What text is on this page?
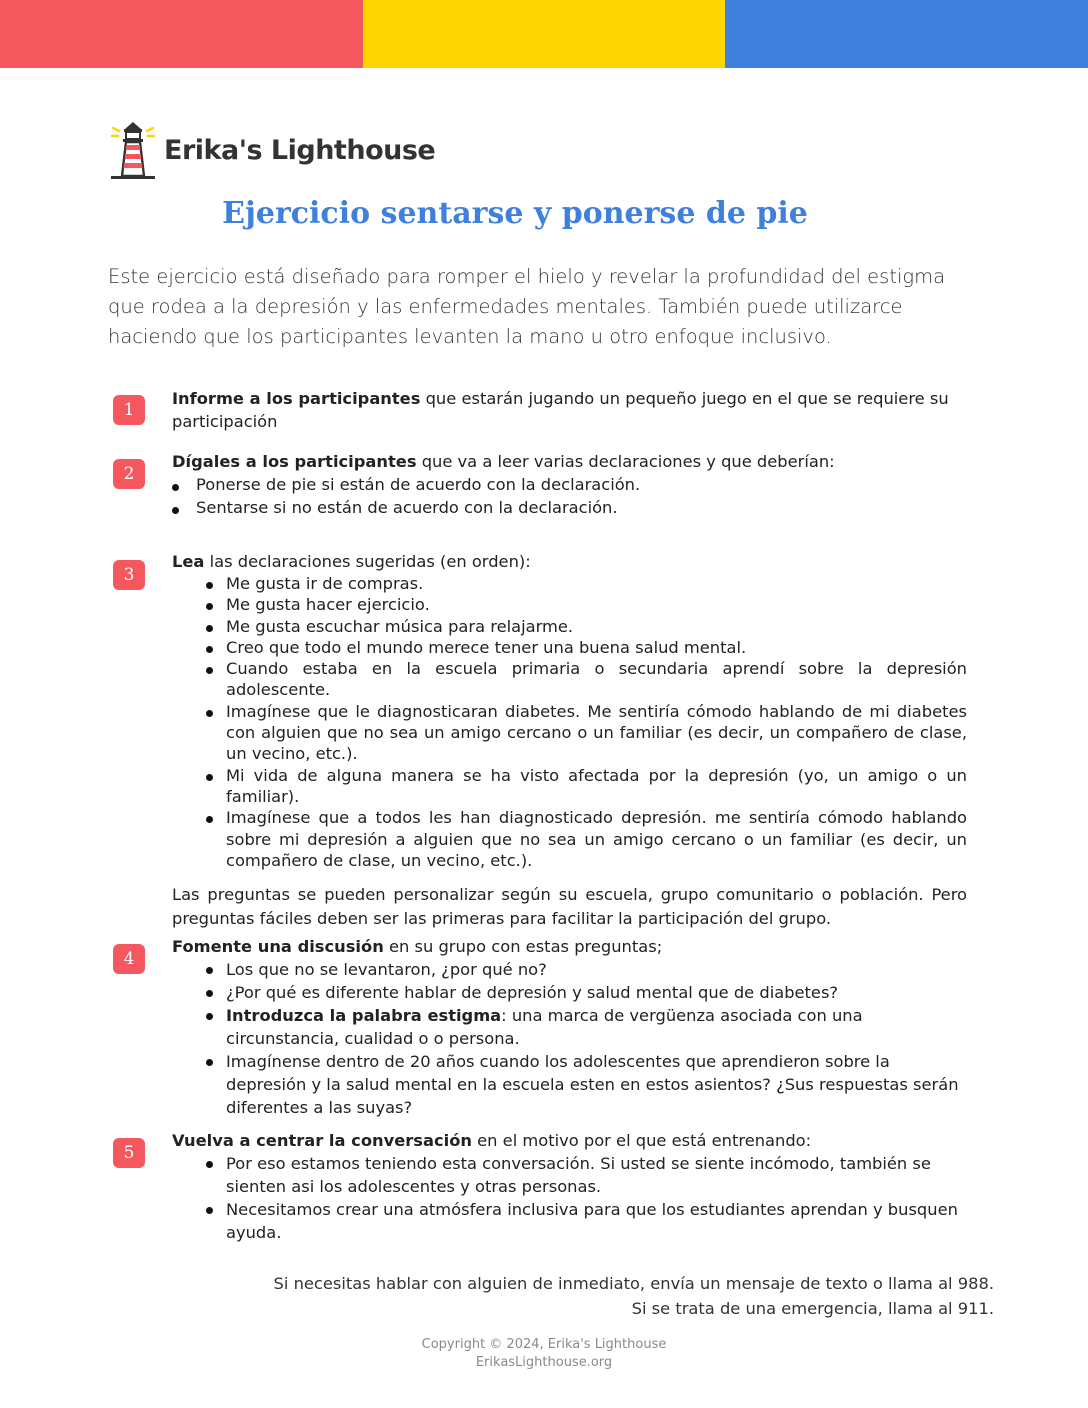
Erika's Lighthouse
Ejercicio sentarse y ponerse de pie
Este ejercicio está diseñado para romper el hielo y revelar la profundidad del estigma que rodea a la depresión y las enfermedades mentales. También puede utilizarce haciendo que los participantes levanten la mano u otro enfoque inclusivo.
1
Informe a los participantes que estarán jugando un pequeño juego en el que se requiere su participación
2
Dígales a los participantes que va a leer varias declaraciones y que deberían:
Ponerse de pie si están de acuerdo con la declaración.
Sentarse si no están de acuerdo con la declaración.
3
Lea las declaraciones sugeridas (en orden):
Me gusta ir de compras.
Me gusta hacer ejercicio.
Me gusta escuchar música para relajarme.
Creo que todo el mundo merece tener una buena salud mental.
Cuando estaba en la escuela primaria o secundaria aprendí sobre la depresión adolescente.
Imagínese que le diagnosticaran diabetes. Me sentiría cómodo hablando de mi diabetes con alguien que no sea un amigo cercano o un familiar (es decir, un compañero de clase, un vecino, etc.).
Mi vida de alguna manera se ha visto afectada por la depresión (yo, un amigo o un familiar).
Imagínese que a todos les han diagnosticado depresión. me sentiría cómodo hablando sobre mi depresión a alguien que no sea un amigo cercano o un familiar (es decir, un compañero de clase, un vecino, etc.).
Las preguntas se pueden personalizar según su escuela, grupo comunitario o población. Pero preguntas fáciles deben ser las primeras para facilitar la participación del grupo.
4
Fomente una discusión en su grupo con estas preguntas;
Los que no se levantaron, ¿por qué no?
¿Por qué es diferente hablar de depresión y salud mental que de diabetes?
Introduzca la palabra estigma: una marca de vergüenza asociada con una circunstancia, cualidad o o persona.
Imagínense dentro de 20 años cuando los adolescentes que aprendieron sobre la depresión y la salud mental en la escuela esten en estos asientos? ¿Sus respuestas serán diferentes a las suyas?
5
Vuelva a centrar la conversación en el motivo por el que está entrenando:
Por eso estamos teniendo esta conversación. Si usted se siente incómodo, también se sienten asi los adolescentes y otras personas.
Necesitamos crear una atmósfera inclusiva para que los estudiantes aprendan y busquen ayuda.
Si necesitas hablar con alguien de inmediato, envía un mensaje de texto o llama al 988.
Si se trata de una emergencia, llama al 911.
Copyright © 2024, Erika's Lighthouse
ErikasLighthouse.org
